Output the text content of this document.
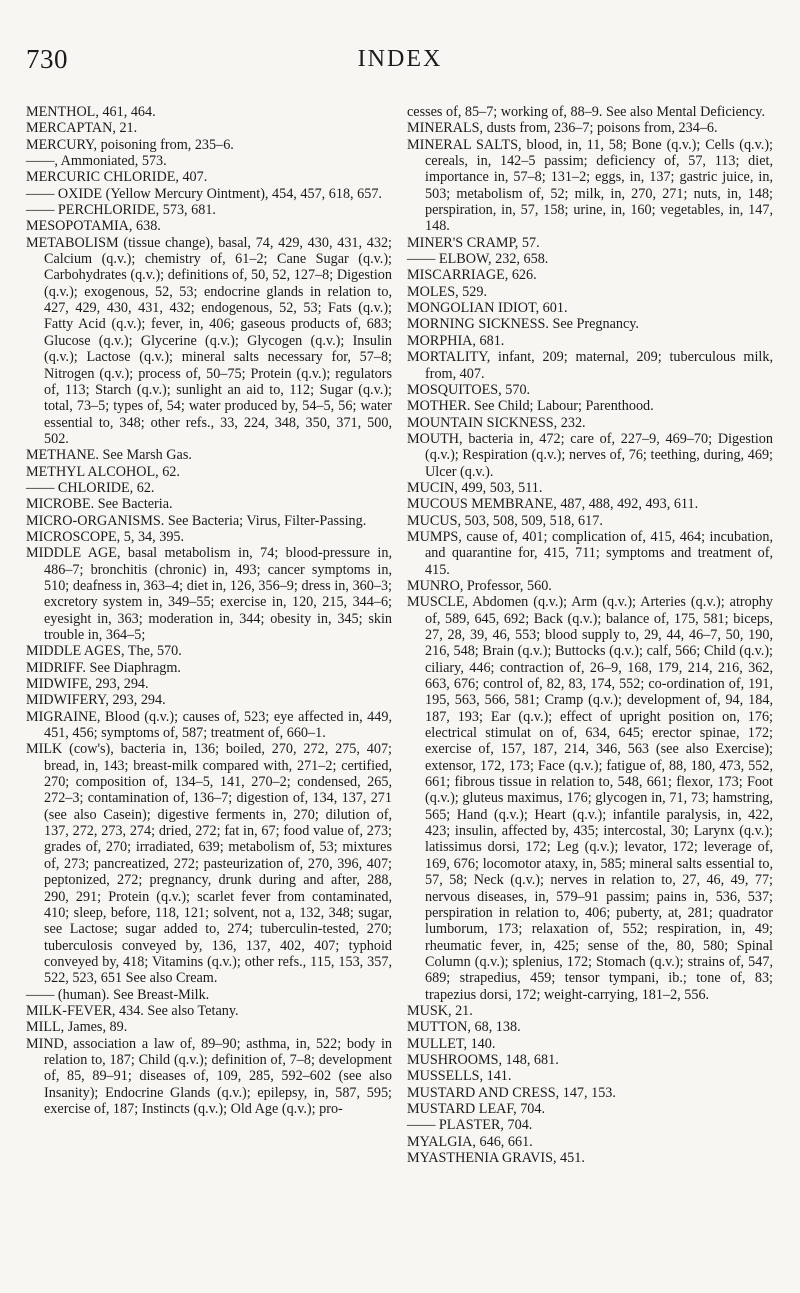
730	INDEX

MENTHOL, 461, 464.

MERCAPTAN, 21.

MERCURY, poisoning from, 235–6.

——, Ammoniated, 573.

MERCURIC CHLORIDE, 407.

—— OXIDE (Yellow Mercury Ointment), 454, 457, 618, 657.

—— PERCHLORIDE, 573, 681.

MESOPOTAMIA, 638.

METABOLISM (tissue change), basal, 74, 429, 430, 431, 432; Calcium (q.v.); chemistry of, 61–2; Cane Sugar (q.v.); Carbohydrates (q.v.); definitions of, 50, 52, 127–8; Digestion (q.v.); exogenous, 52, 53; endocrine glands in relation to, 427, 429, 430, 431, 432; endogenous, 52, 53; Fats (q.v.); Fatty Acid (q.v.); fever, in, 406; gaseous products of, 683; Glucose (q.v.); Glycerine (q.v.); Glycogen (q.v.); Insulin (q.v.); Lactose (q.v.); mineral salts necessary for, 57–8; Nitrogen (q.v.); process of, 50–75; Protein (q.v.); regulators of, 113; Starch (q.v.); sunlight an aid to, 112; Sugar (q.v.); total, 73–5; types of, 54; water produced by, 54–5, 56; water essential to, 348; other refs., 33, 224, 348, 350, 371, 500, 502.

METHANE. See Marsh Gas.

METHYL ALCOHOL, 62.

—— CHLORIDE, 62.

MICROBE. See Bacteria.

MICRO-ORGANISMS. See Bacteria; Virus, Filter-Passing.

MICROSCOPE, 5, 34, 395.

MIDDLE AGE, basal metabolism in, 74; blood-pressure in, 486–7; bronchitis (chronic) in, 493; cancer symptoms in, 510; deafness in, 363–4; diet in, 126, 356–9; dress in, 360–3; excretory system in, 349–55; exercise in, 120, 215, 344–6; eyesight in, 363; moderation in, 344; obesity in, 345; skin trouble in, 364–5;

MIDDLE AGES, The, 570.

MIDRIFF. See Diaphragm.

MIDWIFE, 293, 294.

MIDWIFERY, 293, 294.

MIGRAINE, Blood (q.v.); causes of, 523; eye affected in, 449, 451, 456; symptoms of, 587; treatment of, 660–1.

MILK (cow's), bacteria in, 136; boiled, 270, 272, 275, 407; bread, in, 143; breast-milk compared with, 271–2; certified, 270; composition of, 134–5, 141, 270–2; condensed, 265, 272–3; contamination of, 136–7; digestion of, 134, 137, 271 (see also Casein); digestive ferments in, 270; dilution of, 137, 272, 273, 274; dried, 272; fat in, 67; food value of, 273; grades of, 270; irradiated, 639; metabolism of, 53; mixtures of, 273; pancreatized, 272; pasteurization of, 270, 396, 407; peptonized, 272; pregnancy, drunk during and after, 288, 290, 291; Protein (q.v.); scarlet fever from contaminated, 410; sleep, before, 118, 121; solvent, not a, 132, 348; sugar, see Lactose; sugar added to, 274; tuberculin-tested, 270; tuberculosis conveyed by, 136, 137, 402, 407; typhoid conveyed by, 418; Vitamins (q.v.); other refs., 115, 153, 357, 522, 523, 651 See also Cream.

—— (human). See Breast-Milk.

MILK-FEVER, 434. See also Tetany.

MILL, James, 89.

MIND, association a law of, 89–90; asthma, in, 522; body in relation to, 187; Child (q.v.); definition of, 7–8; development of, 85, 89–91; diseases of, 109, 285, 592–602 (see also Insanity); Endocrine Glands (q.v.); epilepsy, in, 587, 595; exercise of, 187; Instincts (q.v.); Old Age (q.v.); pro-

cesses of, 85–7; working of, 88–9. See also Mental Deficiency.

MINERALS, dusts from, 236–7; poisons from, 234–6.

MINERAL SALTS, blood, in, 11, 58; Bone (q.v.); Cells (q.v.); cereals, in, 142–5 passim; deficiency of, 57, 113; diet, importance in, 57–8; 131–2; eggs, in, 137; gastric juice, in, 503; metabolism of, 52; milk, in, 270, 271; nuts, in, 148; perspiration, in, 57, 158; urine, in, 160; vegetables, in, 147, 148.

MINER'S CRAMP, 57.

—— ELBOW, 232, 658.

MISCARRIAGE, 626.

MOLES, 529.

MONGOLIAN IDIOT, 601.

MORNING SICKNESS. See Pregnancy.

MORPHIA, 681.

MORTALITY, infant, 209; maternal, 209; tuberculous milk, from, 407.

MOSQUITOES, 570.

MOTHER. See Child; Labour; Parenthood.

MOUNTAIN SICKNESS, 232.

MOUTH, bacteria in, 472; care of, 227–9, 469–70; Digestion (q.v.); Respiration (q.v.); nerves of, 76; teething, during, 469; Ulcer (q.v.).

MUCIN, 499, 503, 511.

MUCOUS MEMBRANE, 487, 488, 492, 493, 611.

MUCUS, 503, 508, 509, 518, 617.

MUMPS, cause of, 401; complication of, 415, 464; incubation, and quarantine for, 415, 711; symptoms and treatment of, 415.

MUNRO, Professor, 560.

MUSCLE, Abdomen (q.v.); Arm (q.v.); Arteries (q.v.); atrophy of, 589, 645, 692; Back (q.v.); balance of, 175, 581; biceps, 27, 28, 39, 46, 553; blood supply to, 29, 44, 46–7, 50, 190, 216, 548; Brain (q.v.); Buttocks (q.v.); calf, 566; Child (q.v.); ciliary, 446; contraction of, 26–9, 168, 179, 214, 216, 362, 663, 676; control of, 82, 83, 174, 552; co-ordination of, 191, 195, 563, 566, 581; Cramp (q.v.); development of, 94, 184, 187, 193; Ear (q.v.); effect of upright position on, 176; electrical stimulat on of, 634, 645; erector spinae, 172; exercise of, 157, 187, 214, 346, 563 (see also Exercise); extensor, 172, 173; Face (q.v.); fatigue of, 88, 180, 473, 552, 661; fibrous tissue in relation to, 548, 661; flexor, 173; Foot (q.v.); gluteus maximus, 176; glycogen in, 71, 73; hamstring, 565; Hand (q.v.); Heart (q.v.); infantile paralysis, in, 422, 423; insulin, affected by, 435; intercostal, 30; Larynx (q.v.); latissimus dorsi, 172; Leg (q.v.); levator, 172; leverage of, 169, 676; locomotor ataxy, in, 585; mineral salts essential to, 57, 58; Neck (q.v.); nerves in relation to, 27, 46, 49, 77; nervous diseases, in, 579–91 passim; pains in, 536, 537; perspiration in relation to, 406; puberty, at, 281; quadrator lumborum, 173; relaxation of, 552; respiration, in, 49; rheumatic fever, in, 425; sense of the, 80, 580; Spinal Column (q.v.); splenius, 172; Stomach (q.v.); strains of, 547, 689; strapedius, 459; tensor tympani, ib.; tone of, 83; trapezius dorsi, 172; weight-carrying, 181–2, 556.

MUSK, 21.

MUTTON, 68, 138.

MULLET, 140.

MUSHROOMS, 148, 681.

MUSSELLS, 141.

MUSTARD AND CRESS, 147, 153.

MUSTARD LEAF, 704.

—— PLASTER, 704.

MYALGIA, 646, 661.

MYASTHENIA GRAVIS, 451.
